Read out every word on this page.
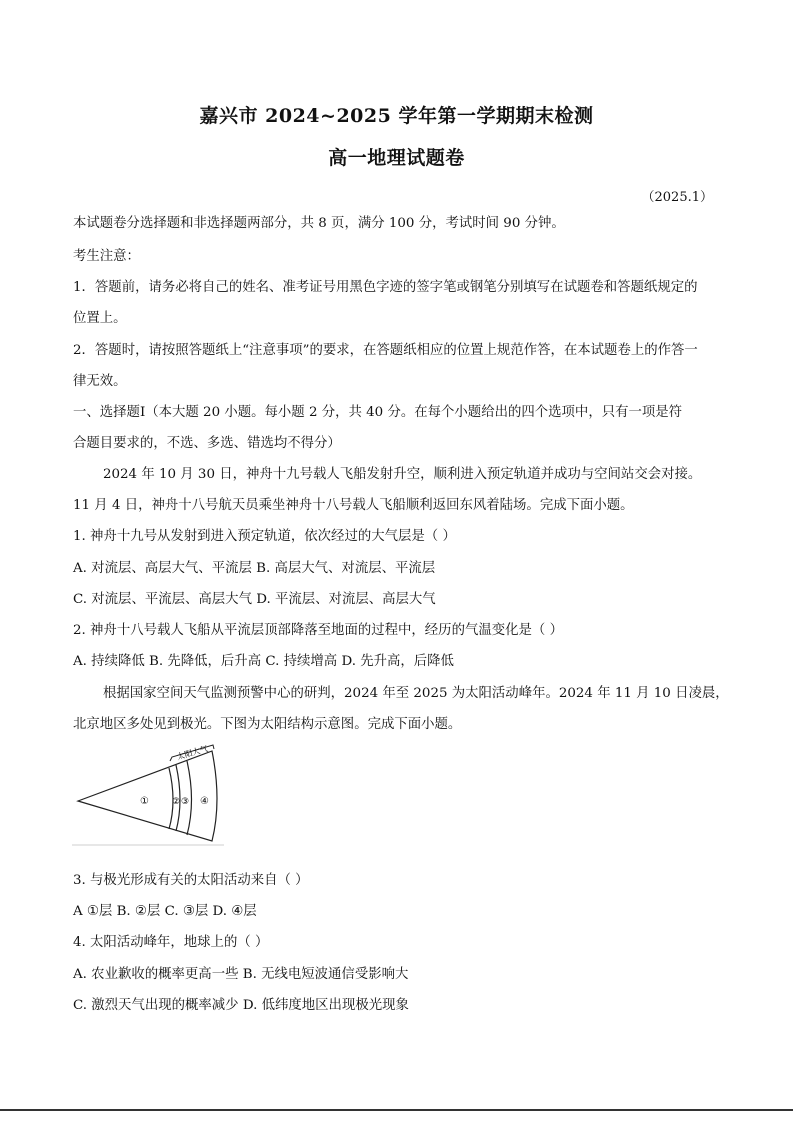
嘉兴市 2024~2025 学年第一学期期末检测
高一地理试题卷
（2025.1）
本试题卷分选择题和非选择题两部分，共 8 页，满分 100 分，考试时间 90 分钟。
考生注意：
1．答题前，请务必将自己的姓名、准考证号用黑色字迹的签字笔或钢笔分别填写在试题卷和答题纸规定的
位置上。
2．答题时，请按照答题纸上“注意事项”的要求，在答题纸相应的位置上规范作答，在本试题卷上的作答一
律无效。
一、选择题Ⅰ（本大题 20 小题。每小题 2 分，共 40 分。在每个小题给出的四个选项中，只有一项是符
合题目要求的，不选、多选、错选均不得分）
2024 年 10 月 30 日，神舟十九号载人飞船发射升空，顺利进入预定轨道并成功与空间站交会对接。
11 月 4 日，神舟十八号航天员乘坐神舟十八号载人飞船顺利返回东风着陆场。完成下面小题。
1. 神舟十九号从发射到进入预定轨道，依次经过的大气层是（ ）
A. 对流层、高层大气、平流层 B. 高层大气、对流层、平流层
C. 对流层、平流层、高层大气 D. 平流层、对流层、高层大气
2. 神舟十八号载人飞船从平流层顶部降落至地面的过程中，经历的气温变化是（ ）
A. 持续降低 B. 先降低，后升高 C. 持续增高 D. 先升高，后降低
根据国家空间天气监测预警中心的研判，2024 年至 2025 为太阳活动峰年。2024 年 11 月 10 日凌晨，
北京地区多处见到极光。下图为太阳结构示意图。完成下面小题。
太阳大气
①	② ③ ④
3. 与极光形成有关的太阳活动来自（ ）
A ①层 B. ②层 C. ③层 D. ④层
4. 太阳活动峰年，地球上的（ ）
A. 农业歉收的概率更高一些 B. 无线电短波通信受影响大
C. 激烈天气出现的概率减少 D. 低纬度地区出现极光现象
